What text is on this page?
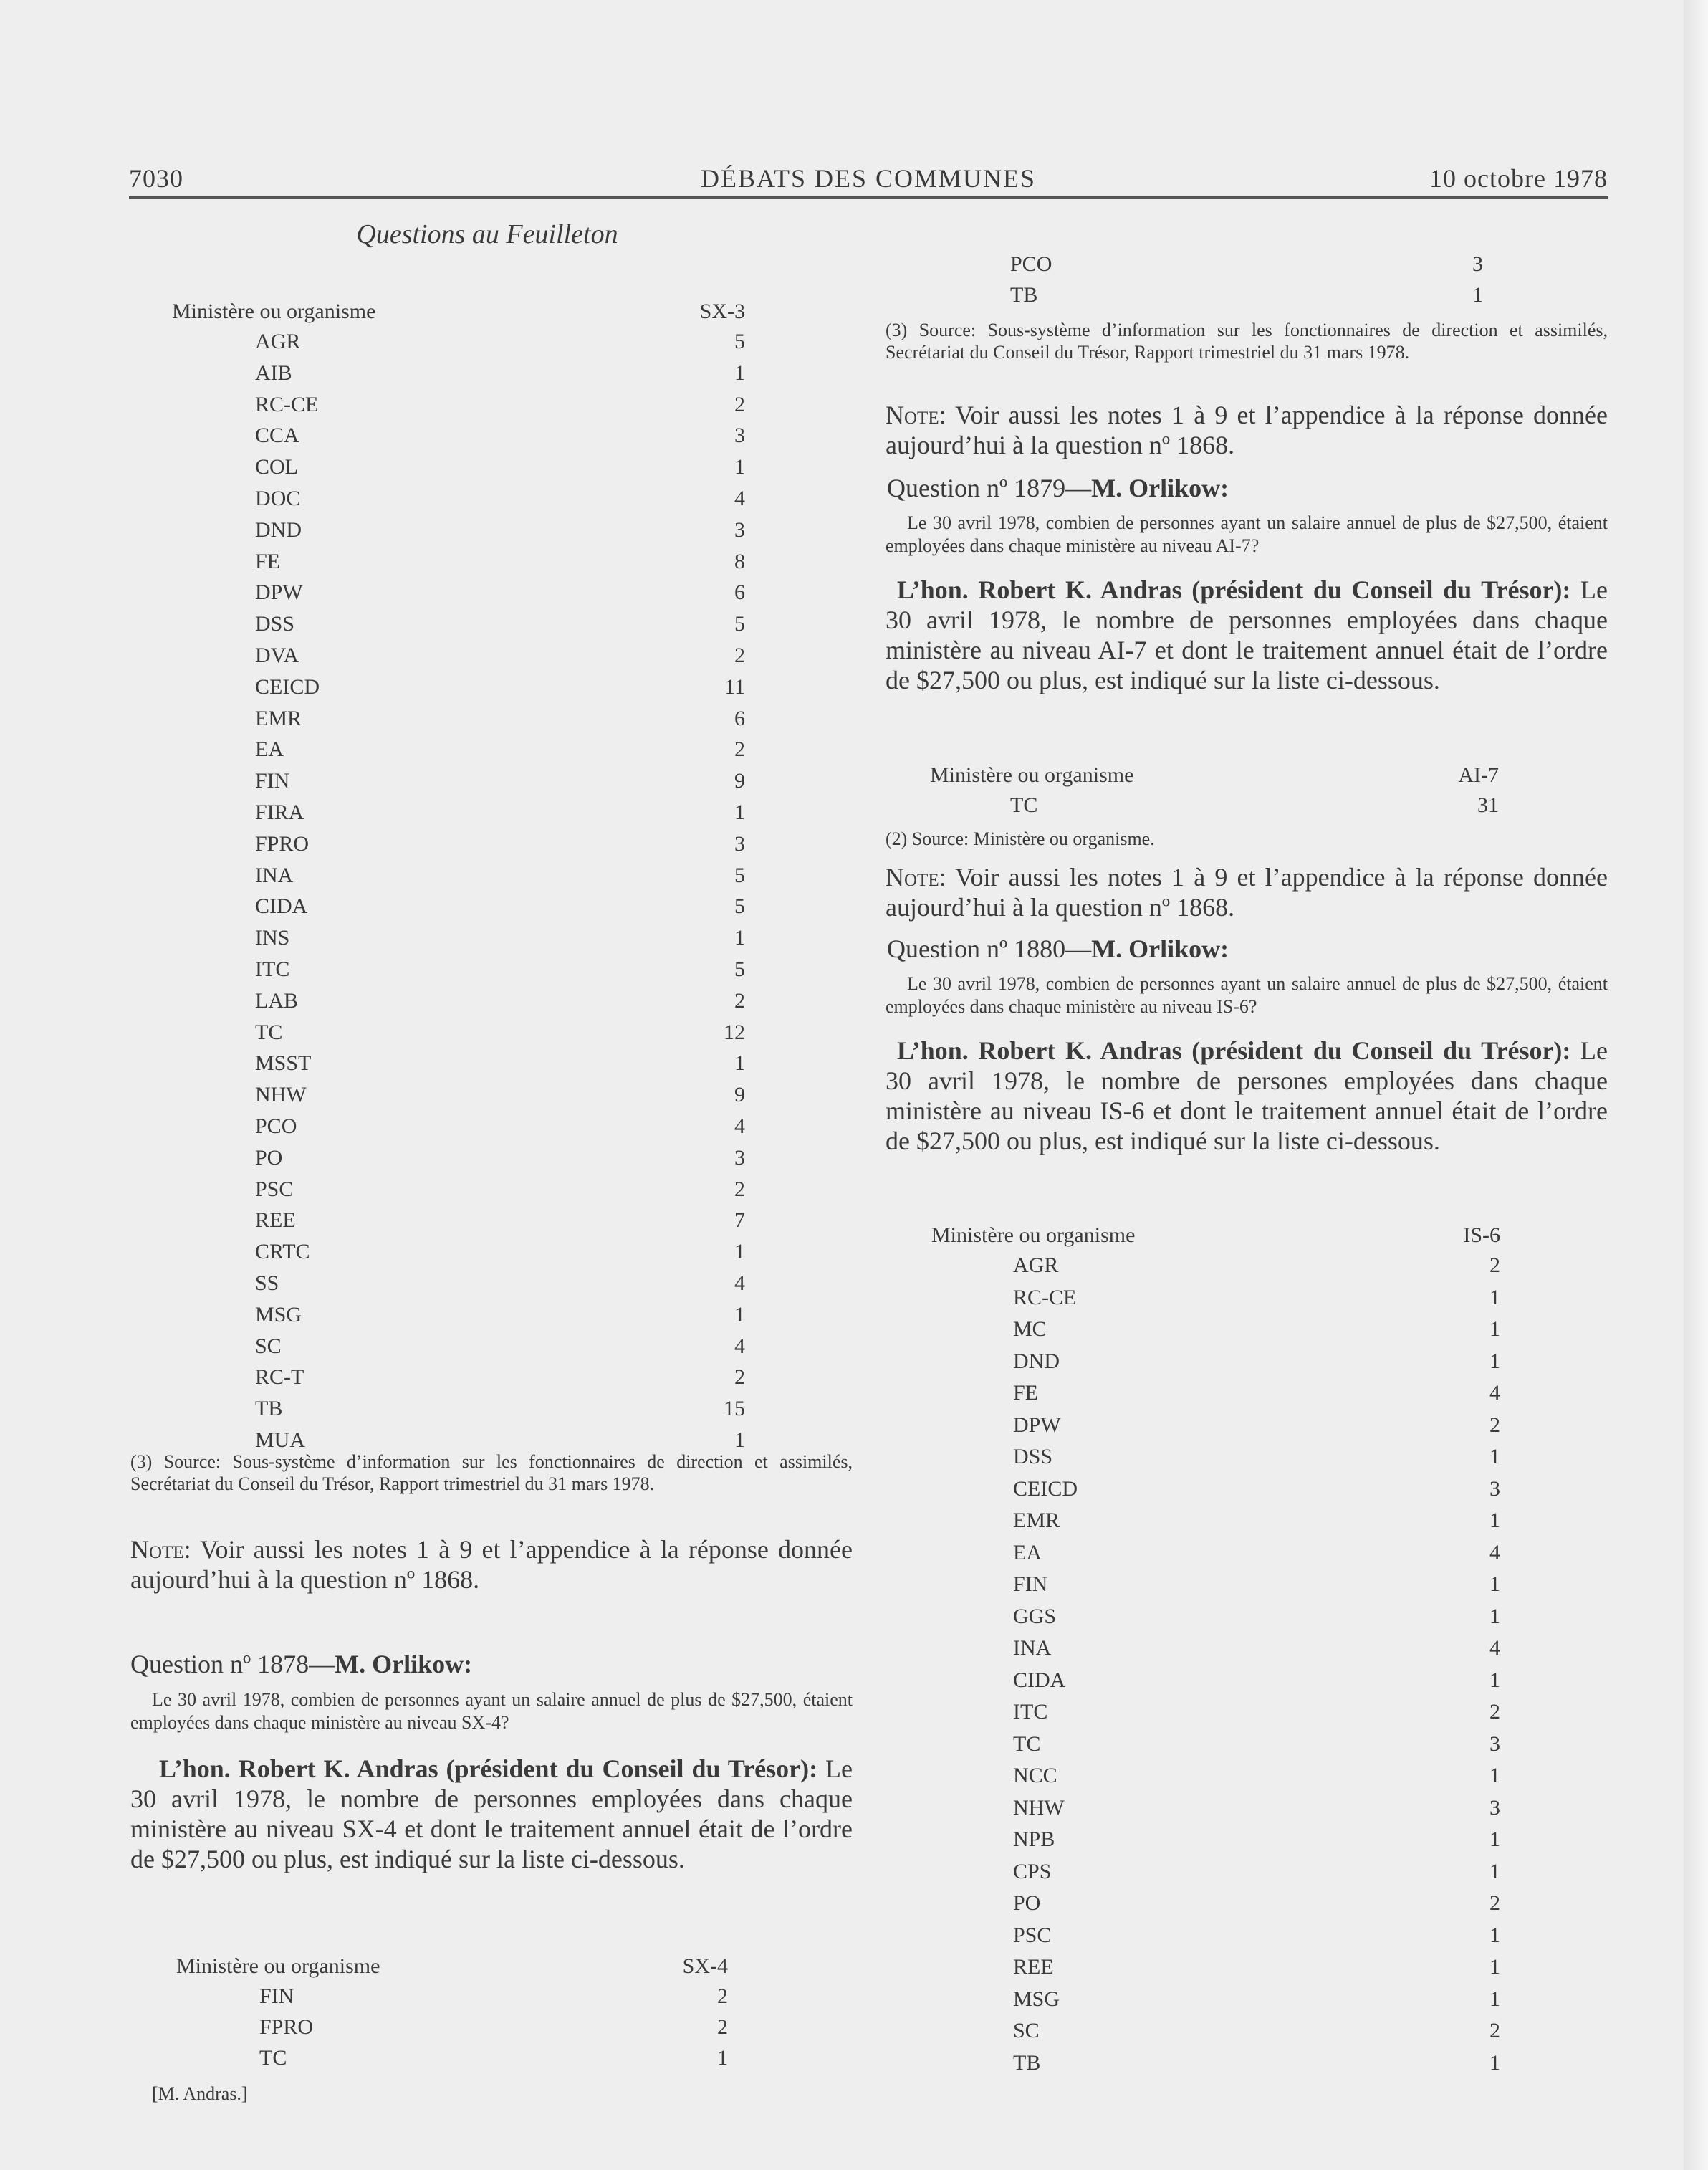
7030	DÉBATS DES COMMUNES	10 octobre 1978
Questions au Feuilleton
Ministère ou organisme	SX-3
AGR	5
AIB	1
RC-CE	2
CCA	3
COL	1
DOC	4
DND	3
FE	8
DPW	6
DSS	5
DVA	2
CEICD	11
EMR	6
EA	2
FIN	9
FIRA	1
FPRO	3
INA	5
CIDA	5
INS	1
ITC	5
LAB	2
TC	12
MSST	1
NHW	9
PCO	4
PO	3
PSC	2
REE	7
CRTC	1
SS	4
MSG	1
SC	4
RC-T	2
TB	15
MUA	1
(3) Source: Sous-système d’information sur les fonctionnaires de direction et assimilés, Secrétariat du Conseil du Trésor, Rapport trimestriel du 31 mars 1978.
Note: Voir aussi les notes 1 à 9 et l’appendice à la réponse donnée aujourd’hui à la question nº 1868.
Question nº 1878—M. Orlikow:
Le 30 avril 1978, combien de personnes ayant un salaire annuel de plus de $27,500, étaient employées dans chaque ministère au niveau SX-4?
L’hon. Robert K. Andras (président du Conseil du Trésor): Le 30 avril 1978, le nombre de personnes employées dans chaque ministère au niveau SX-4 et dont le traitement annuel était de l’ordre de $27,500 ou plus, est indiqué sur la liste ci-dessous.
Ministère ou organisme	SX-4
FIN	2
FPRO	2
TC	1
[M. Andras.]
PCO	3
TB	1
(3) Source: Sous-système d’information sur les fonctionnaires de direction et assimilés, Secrétariat du Conseil du Trésor, Rapport trimestriel du 31 mars 1978.
Note: Voir aussi les notes 1 à 9 et l’appendice à la réponse donnée aujourd’hui à la question nº 1868.
Question nº 1879—M. Orlikow:
Le 30 avril 1978, combien de personnes ayant un salaire annuel de plus de $27,500, étaient employées dans chaque ministère au niveau AI-7?
L’hon. Robert K. Andras (président du Conseil du Trésor): Le 30 avril 1978, le nombre de personnes employées dans chaque ministère au niveau AI-7 et dont le traitement annuel était de l’ordre de $27,500 ou plus, est indiqué sur la liste ci-dessous.
Ministère ou organisme	AI-7
TC	31
(2) Source: Ministère ou organisme.
Note: Voir aussi les notes 1 à 9 et l’appendice à la réponse donnée aujourd’hui à la question nº 1868.
Question nº 1880—M. Orlikow:
Le 30 avril 1978, combien de personnes ayant un salaire annuel de plus de $27,500, étaient employées dans chaque ministère au niveau IS-6?
L’hon. Robert K. Andras (président du Conseil du Trésor): Le 30 avril 1978, le nombre de persones employées dans chaque ministère au niveau IS-6 et dont le traitement annuel était de l’ordre de $27,500 ou plus, est indiqué sur la liste ci-dessous.
Ministère ou organisme	IS-6
AGR	2
RC-CE	1
MC	1
DND	1
FE	4
DPW	2
DSS	1
CEICD	3
EMR	1
EA	4
FIN	1
GGS	1
INA	4
CIDA	1
ITC	2
TC	3
NCC	1
NHW	3
NPB	1
CPS	1
PO	2
PSC	1
REE	1
MSG	1
SC	2
TB	1
